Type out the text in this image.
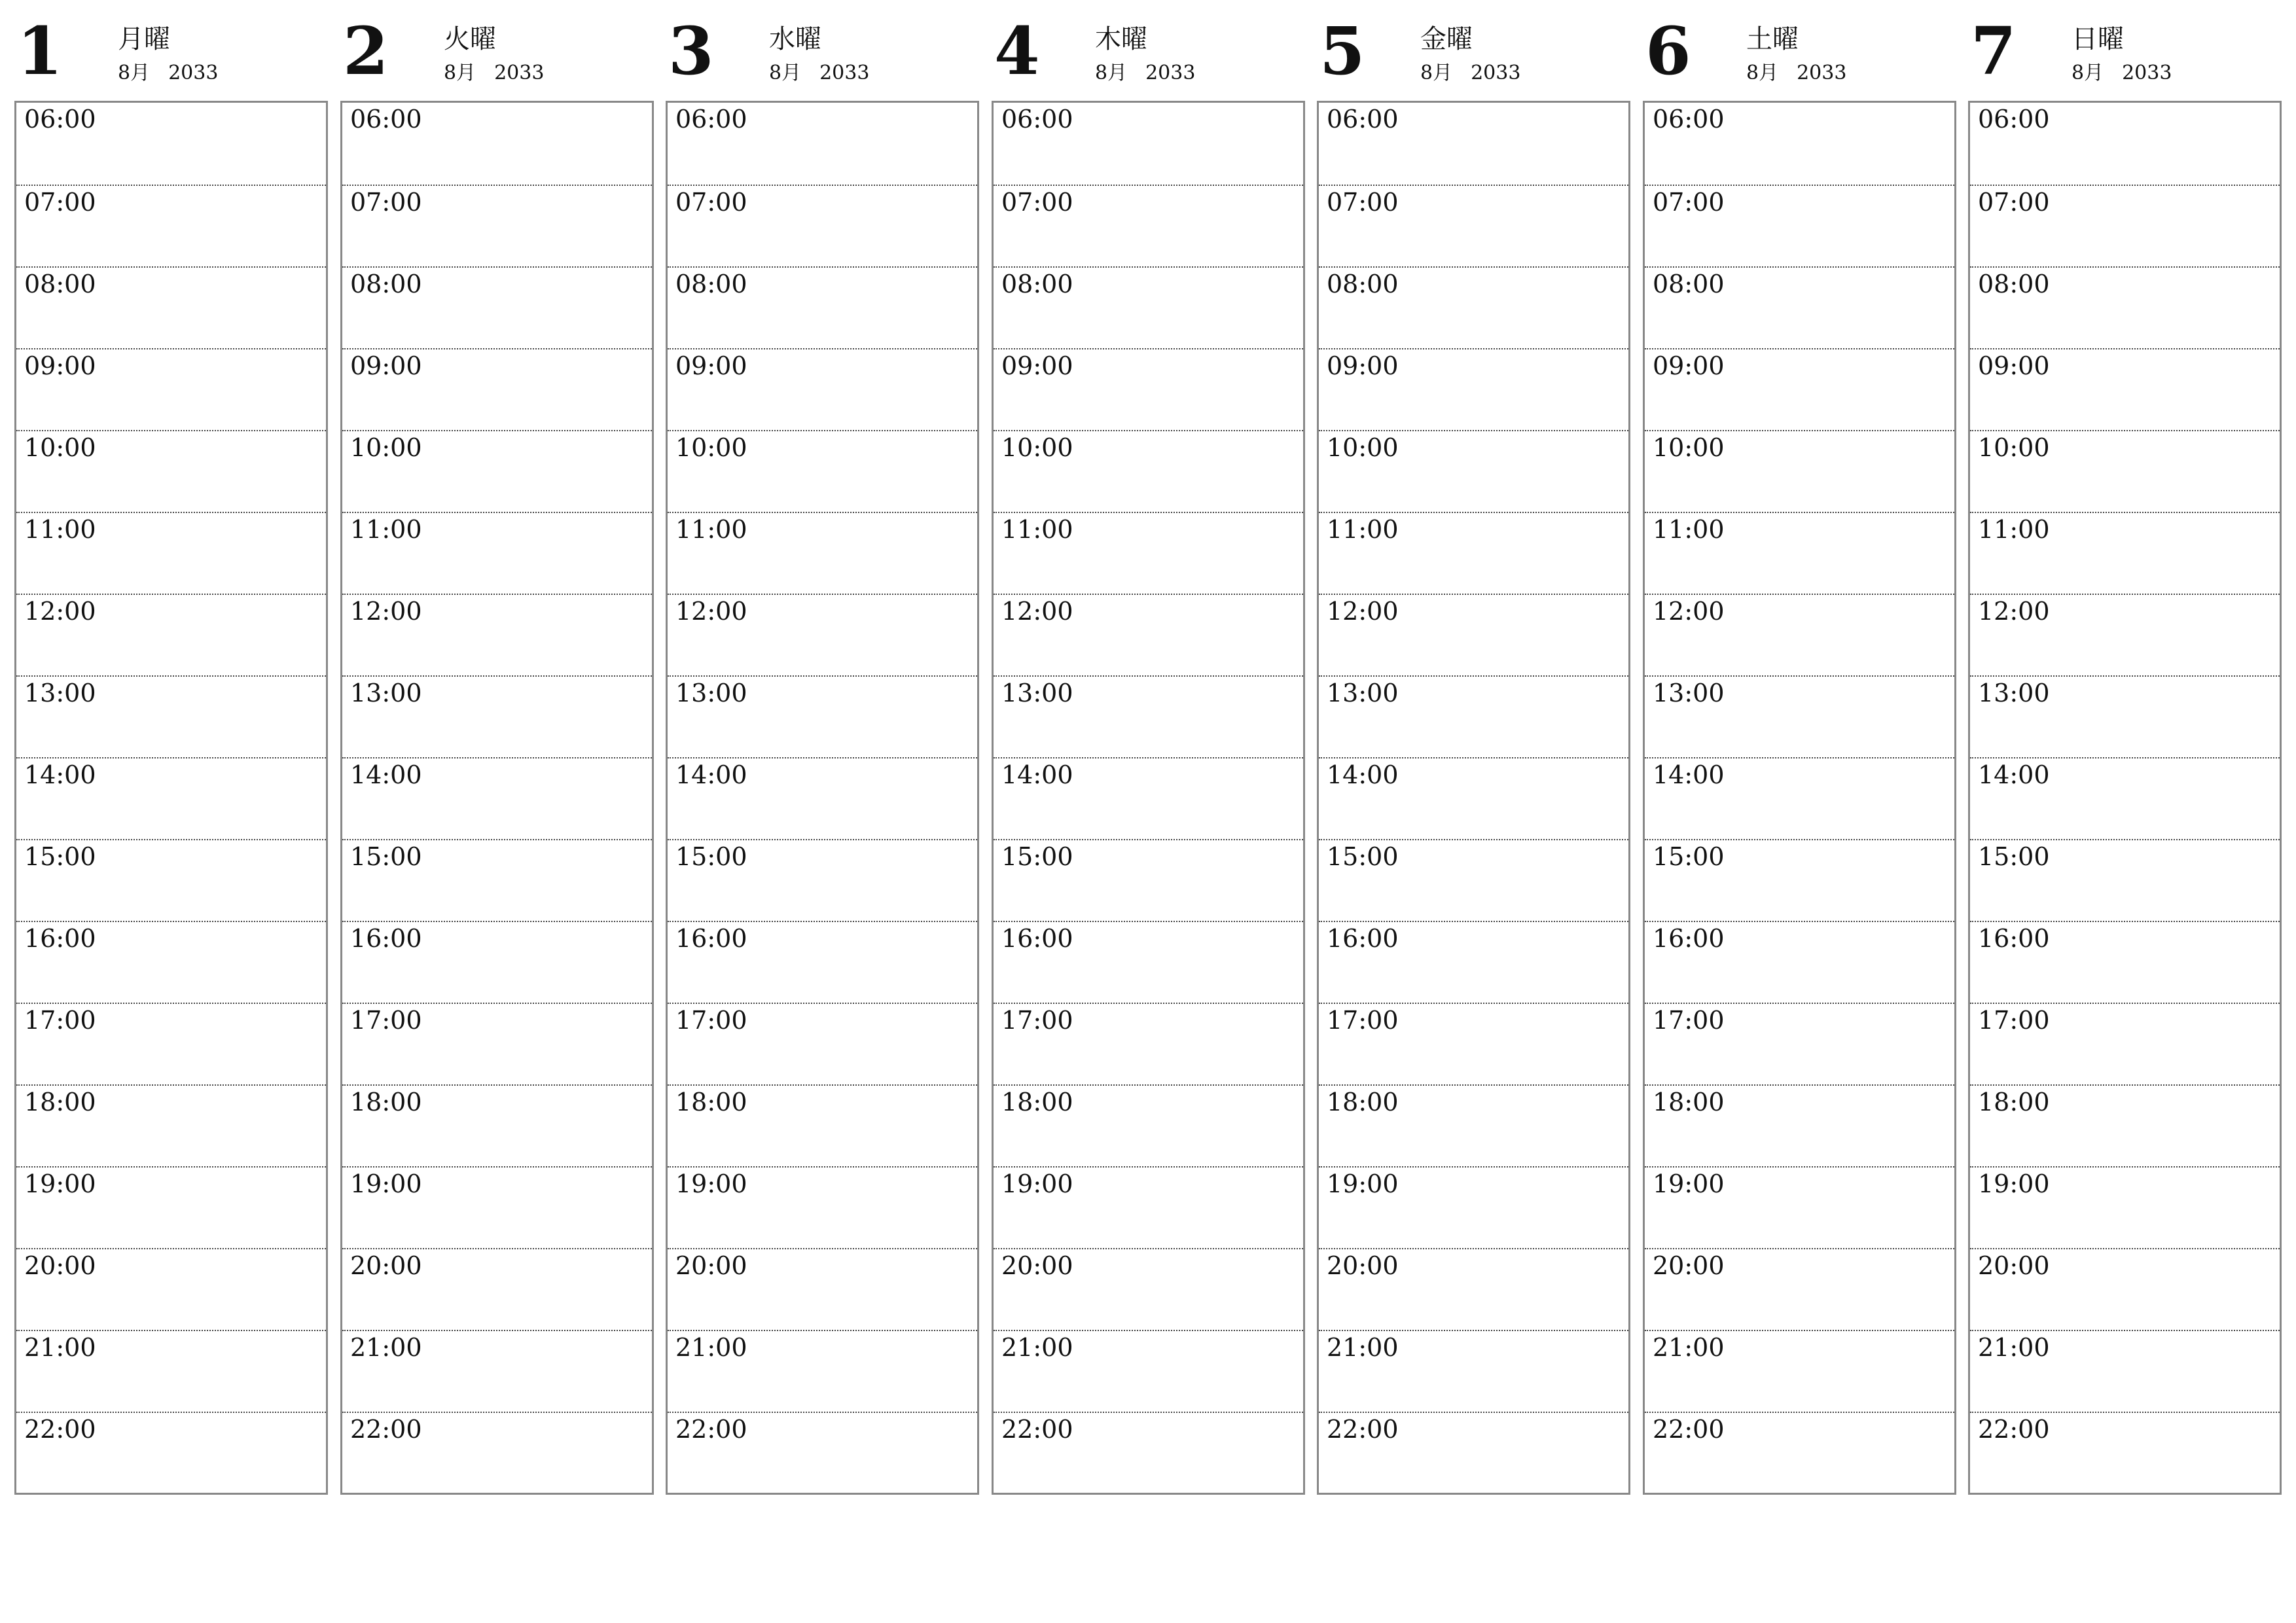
1 月曜
8月 2033
06:00
07:00
08:00
09:00
10:00
11:00
12:00
13:00
14:00
15:00
16:00
17:00
18:00
19:00
20:00
21:00
22:00
2 火曜
8月 2033
06:00
07:00
08:00
09:00
10:00
11:00
12:00
13:00
14:00
15:00
16:00
17:00
18:00
19:00
20:00
21:00
22:00
3 水曜
8月 2033
06:00
07:00
08:00
09:00
10:00
11:00
12:00
13:00
14:00
15:00
16:00
17:00
18:00
19:00
20:00
21:00
22:00
4 木曜
8月 2033
06:00
07:00
08:00
09:00
10:00
11:00
12:00
13:00
14:00
15:00
16:00
17:00
18:00
19:00
20:00
21:00
22:00
5 金曜
8月 2033
06:00
07:00
08:00
09:00
10:00
11:00
12:00
13:00
14:00
15:00
16:00
17:00
18:00
19:00
20:00
21:00
22:00
6 土曜
8月 2033
06:00
07:00
08:00
09:00
10:00
11:00
12:00
13:00
14:00
15:00
16:00
17:00
18:00
19:00
20:00
21:00
22:00
7 日曜
8月 2033
06:00
07:00
08:00
09:00
10:00
11:00
12:00
13:00
14:00
15:00
16:00
17:00
18:00
19:00
20:00
21:00
22:00
